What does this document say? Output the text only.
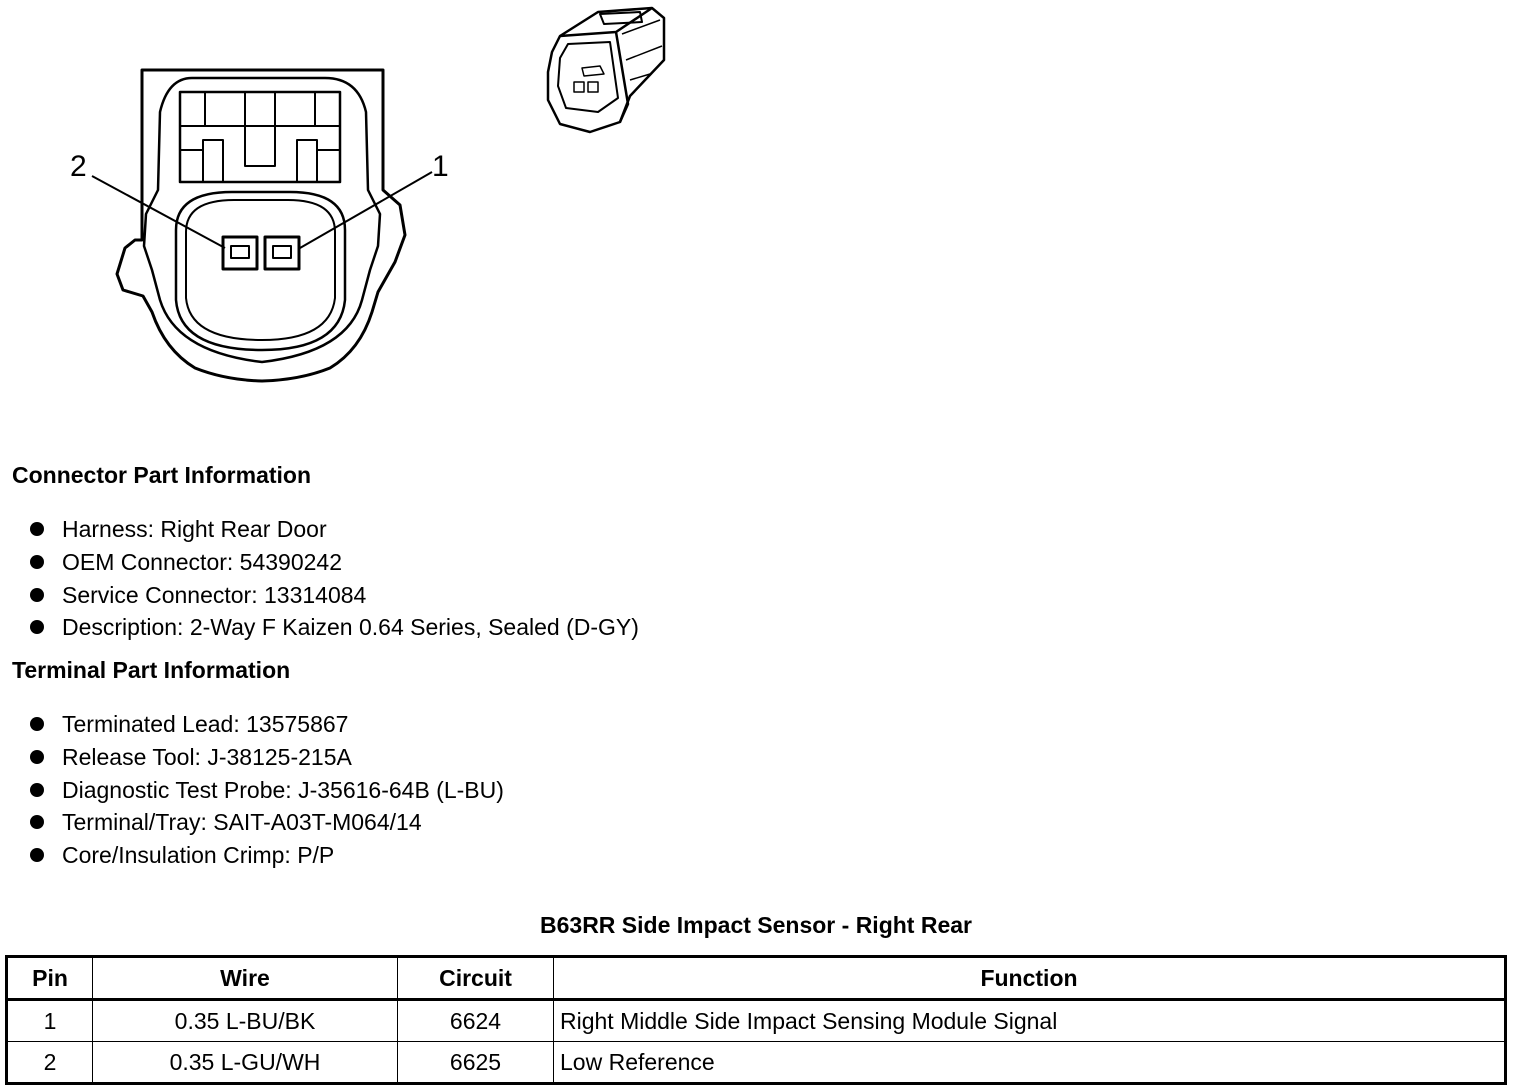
2	1
Connector Part Information
Harness: Right Rear Door
OEM Connector: 54390242
Service Connector: 13314084
Description: 2-Way F Kaizen 0.64 Series, Sealed (D-GY)
Terminal Part Information
Terminated Lead: 13575867
Release Tool: J-38125-215A
Diagnostic Test Probe: J-35616-64B (L-BU)
Terminal/Tray: SAIT-A03T-M064/14
Core/Insulation Crimp: P/P
B63RR Side Impact Sensor - Right Rear
Pin	Wire	Circuit	Function
1	0.35 L-BU/BK	6624	Right Middle Side Impact Sensing Module Signal
2	0.35 L-GU/WH	6625	Low Reference
